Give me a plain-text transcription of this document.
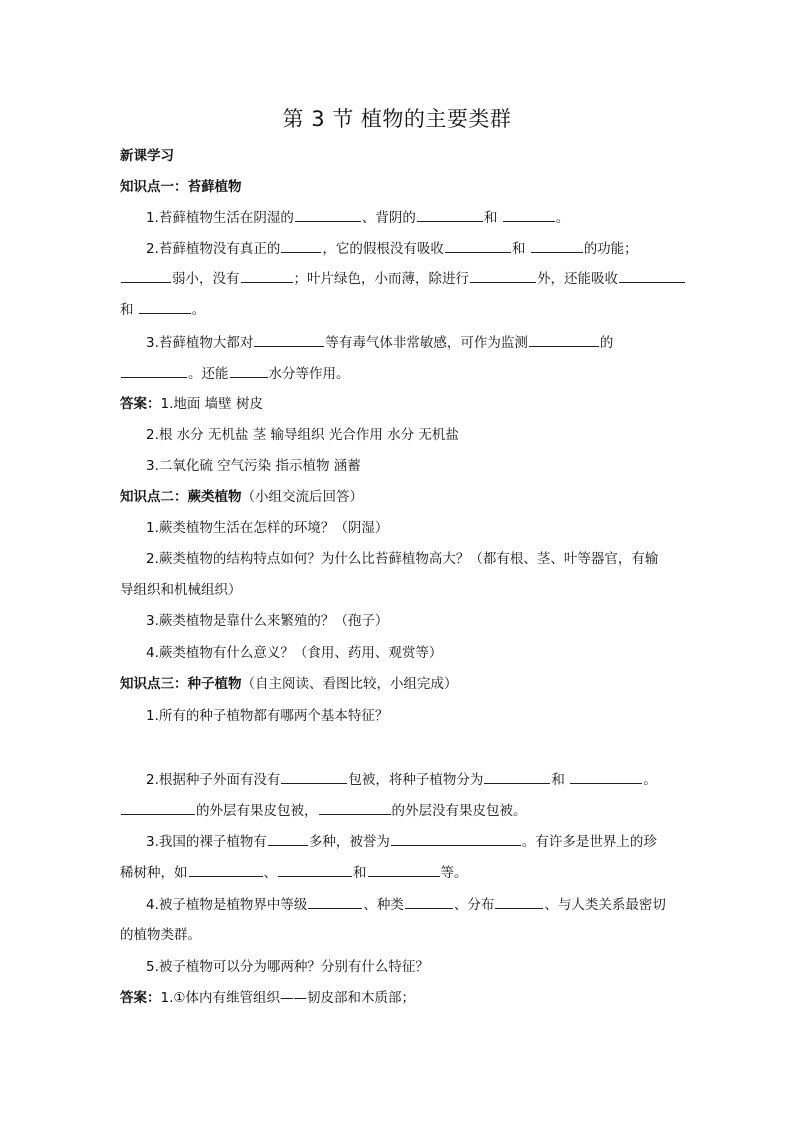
第 3 节 植物的主要类群
新课学习
知识点一：苔藓植物
1.苔藓植物生活在阴湿的	、背阴的	和	。
2.苔藓植物没有真正的	，它的假根没有吸收	和	的功能；
弱小，没有	；叶片绿色，小而薄，除进行	外，还能吸收
和	。
3.苔藓植物大都对	等有毒气体非常敏感，可作为监测	的
。还能	水分等作用。
答案：1.地面 墙壁 树皮
2.根 水分 无机盐 茎 输导组织 光合作用 水分 无机盐
3.二氧化硫 空气污染 指示植物 涵蓄
知识点二：蕨类植物（小组交流后回答）
1.蕨类植物生活在怎样的环境？（阴湿）
2.蕨类植物的结构特点如何？为什么比苔藓植物高大？（都有根、茎、叶等器官，有输
导组织和机械组织）
3.蕨类植物是靠什么来繁殖的？（孢子）
4.蕨类植物有什么意义？（食用、药用、观赏等）
知识点三：种子植物（自主阅读、看图比较，小组完成）
1.所有的种子植物都有哪两个基本特征？
2.根据种子外面有没有	包被，将种子植物分为	和	。
的外层有果皮包被，	的外层没有果皮包被。
3.我国的裸子植物有	多种，被誉为	。有许多是世界上的珍
稀树种，如	、	和	等。
4.被子植物是植物界中等级	、种类	、分布	、与人类关系最密切
的植物类群。
5.被子植物可以分为哪两种？分别有什么特征？
答案：1.①体内有维管组织——韧皮部和木质部；
